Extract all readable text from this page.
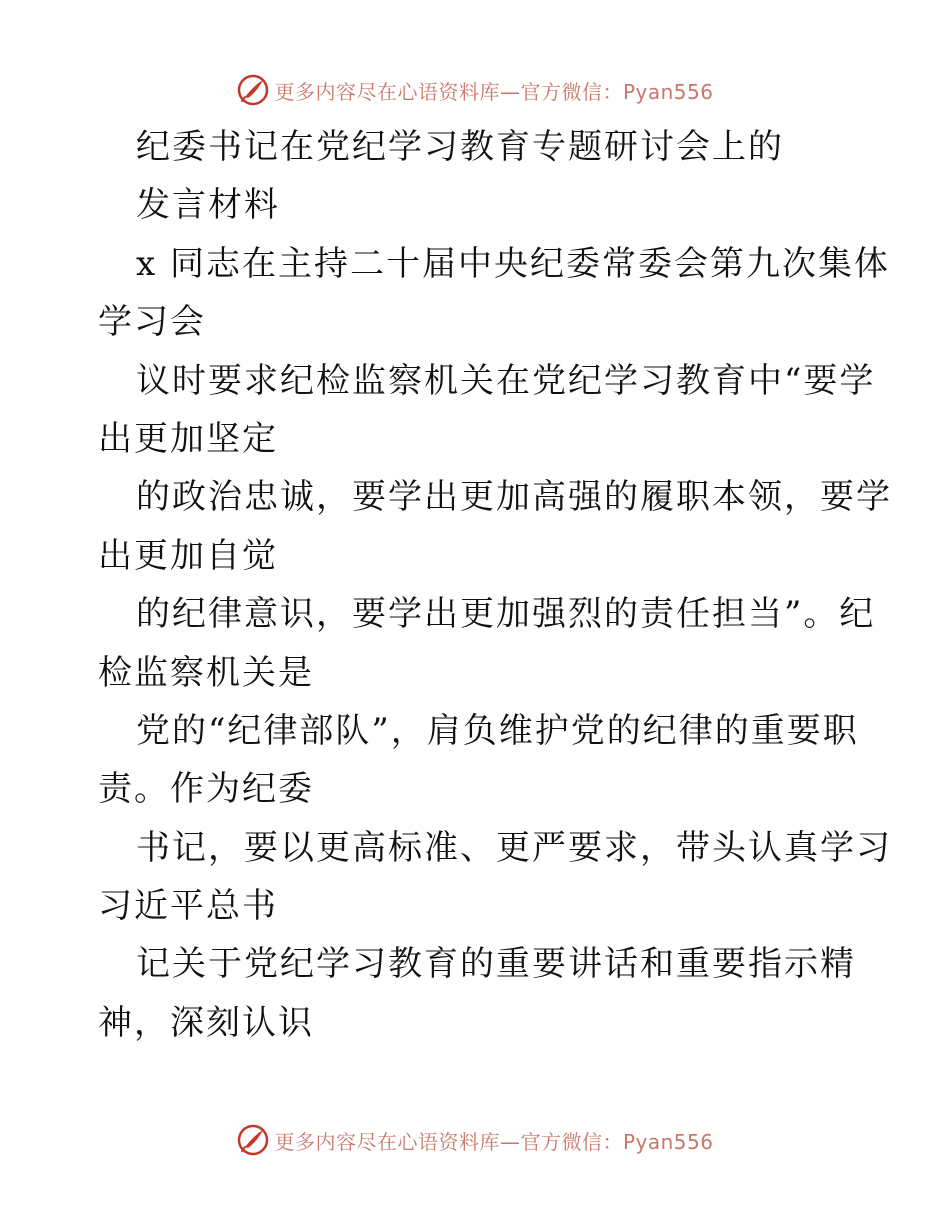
更多内容尽在心语资料库—官方微信：Pyan556
纪委书记在党纪学习教育专题研讨会上的
发言材料
x 同志在主持二十届中央纪委常委会第九次集体
学习会
议时要求纪检监察机关在党纪学习教育中“要学
出更加坚定
的政治忠诚，要学出更加高强的履职本领，要学
出更加自觉
的纪律意识，要学出更加强烈的责任担当”。纪
检监察机关是
党的“纪律部队”，肩负维护党的纪律的重要职
责。作为纪委
书记，要以更高标准、更严要求，带头认真学习
习近平总书
记关于党纪学习教育的重要讲话和重要指示精
神，深刻认识
更多内容尽在心语资料库—官方微信：Pyan556
